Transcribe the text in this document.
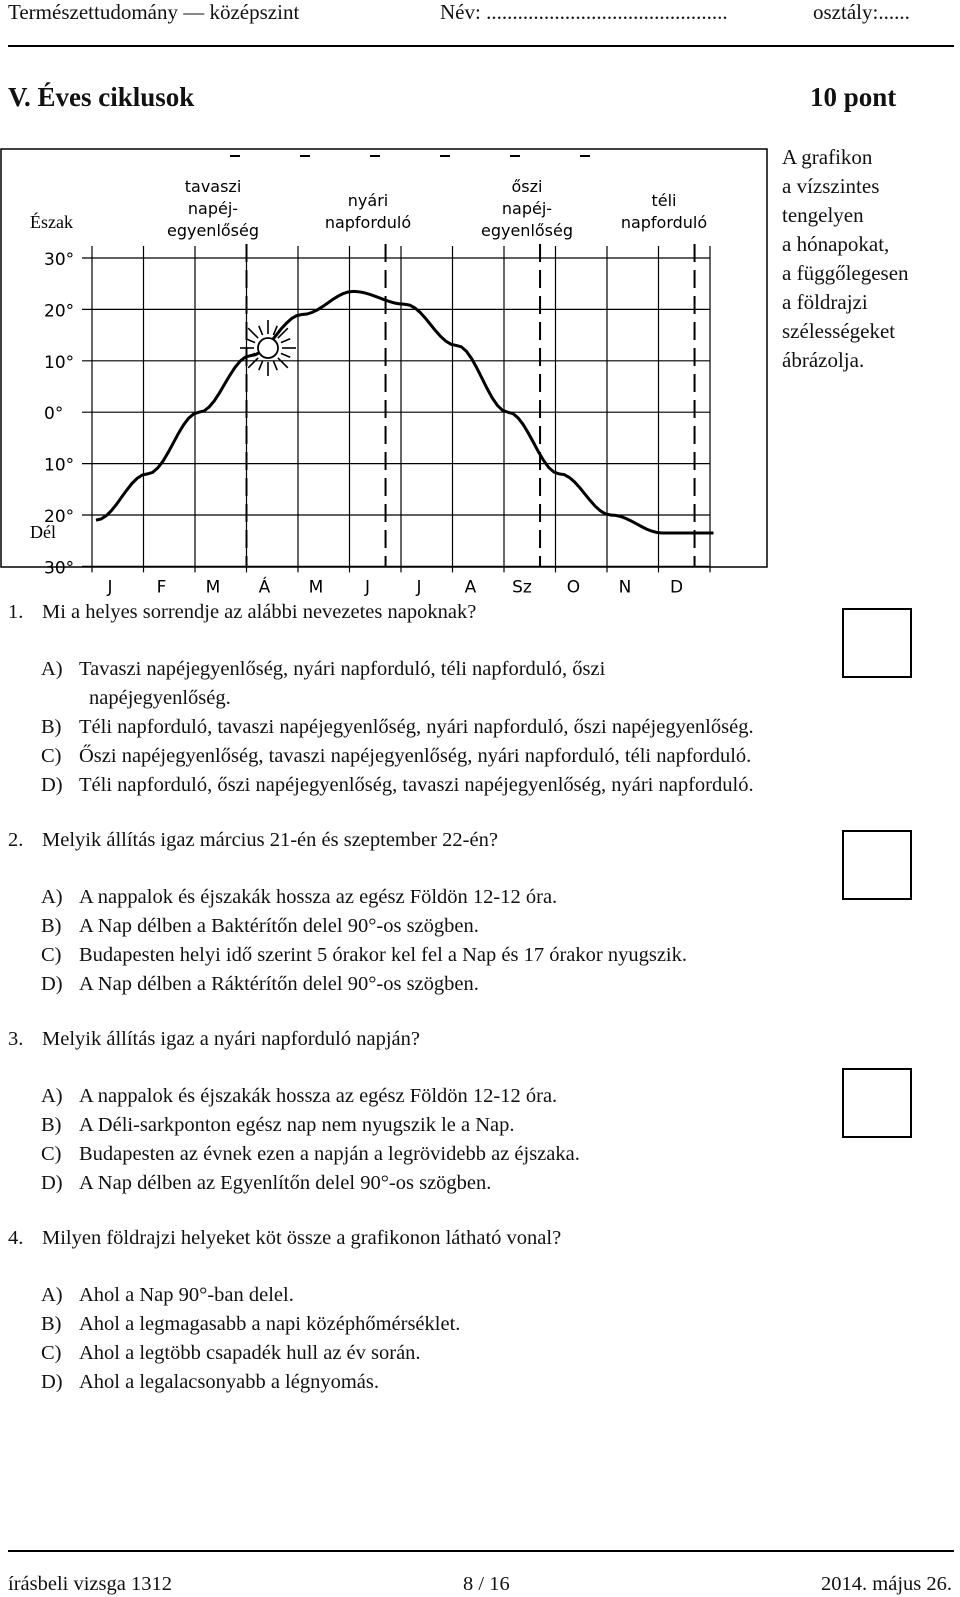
Természettudomány — középszint	Név: ..............................................	osztály:......
V. Éves ciklusok	10 pont
tavaszi
napéj-
egyenlőség
nyári
napforduló
őszi
napéj-
egyenlőség
téli
napforduló
30°
20°
10°
0°
10°
20°
30°
J	F M Á M J	J	A Sz O N D
Észak
Dél
A grafikon
a vízszintes
tengelyen
a hónapokat,
a függőlegesen
a földrajzi
szélességeket
ábrázolja.
1. Mi a helyes sorrendje az alábbi nevezetes napoknak?
A) Tavaszi napéjegyenlőség, nyári napforduló, téli napforduló, őszi
napéjegyenlőség.
B) Téli napforduló, tavaszi napéjegyenlőség, nyári napforduló, őszi napéjegyenlőség.
C) Őszi napéjegyenlőség, tavaszi napéjegyenlőség, nyári napforduló, téli napforduló.
D) Téli napforduló, őszi napéjegyenlőség, tavaszi napéjegyenlőség, nyári napforduló.
2. Melyik állítás igaz március 21-én és szeptember 22-én?
A) A nappalok és éjszakák hossza az egész Földön 12-12 óra.
B) A Nap délben a Baktérítőn delel 90°-os szögben.
C) Budapesten helyi idő szerint 5 órakor kel fel a Nap és 17 órakor nyugszik.
D) A Nap délben a Ráktérítőn delel 90°-os szögben.
3. Melyik állítás igaz a nyári napforduló napján?
A) A nappalok és éjszakák hossza az egész Földön 12-12 óra.
B) A Déli-sarkponton egész nap nem nyugszik le a Nap.
C) Budapesten az évnek ezen a napján a legrövidebb az éjszaka.
D) A Nap délben az Egyenlítőn delel 90°-os szögben.
4. Milyen földrajzi helyeket köt össze a grafikonon látható vonal?
A) Ahol a Nap 90°-ban delel.
B) Ahol a legmagasabb a napi középhőmérséklet.
C) Ahol a legtöbb csapadék hull az év során.
D) Ahol a legalacsonyabb a légnyomás.
írásbeli vizsga 1312	8 / 16	2014. május 26.
